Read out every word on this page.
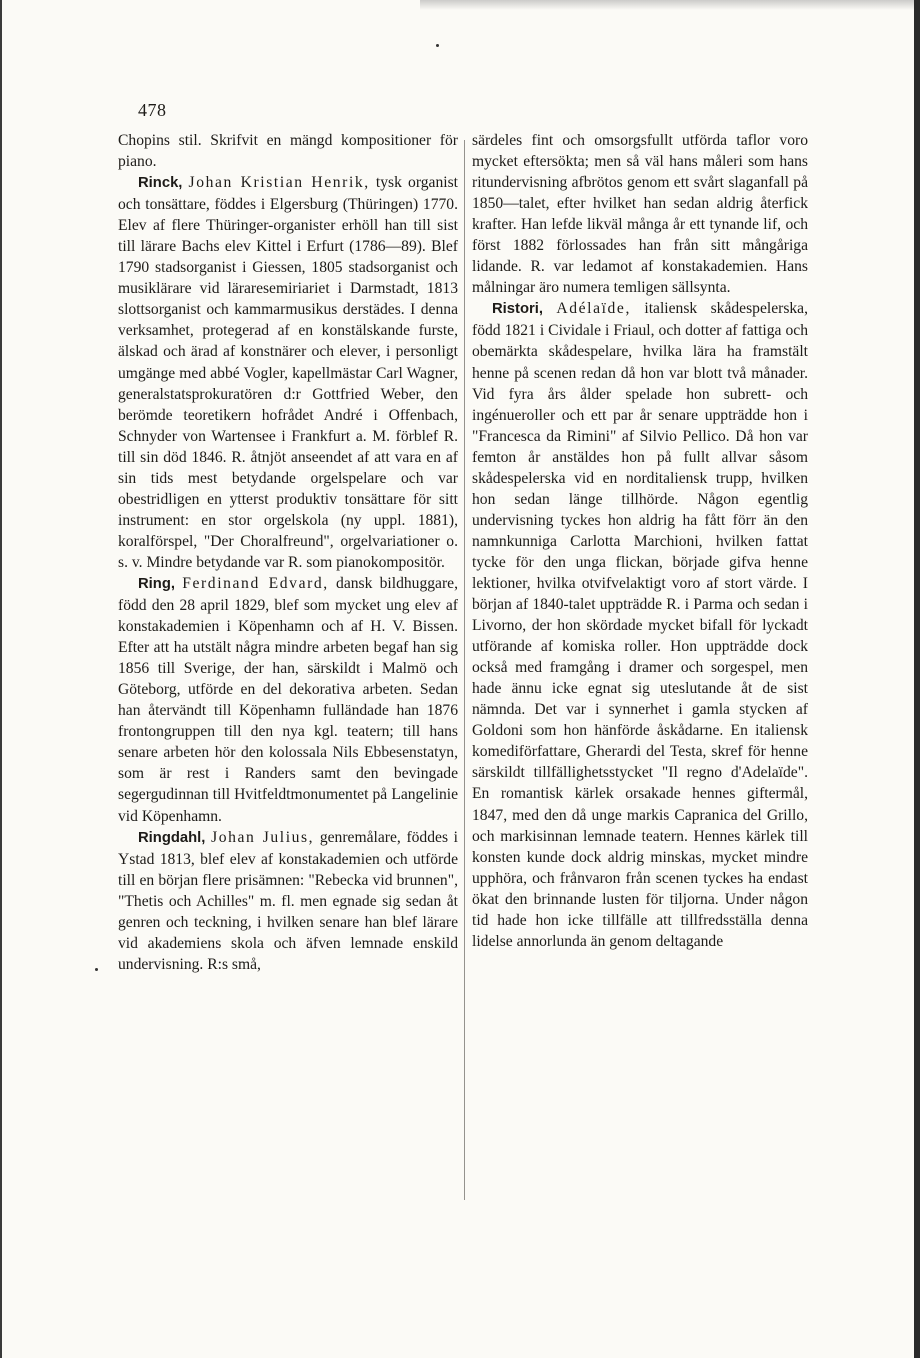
478

Chopins stil. Skrifvit en mängd kompositioner för piano.

Rinck, Johan Kristian Henrik, tysk organist och tonsättare, föddes i Elgersburg (Thüringen) 1770. Elev af flere Thüringer-organister erhöll han till sist till lärare Bachs elev Kittel i Erfurt (1786—89). Blef 1790 stadsorganist i Giessen, 1805 stadsorganist och musiklärare vid läraresemiriariet i Darmstadt, 1813 slottsorganist och kammarmusikus derstädes. I denna verksamhet, protegerad af en konstälskande furste, älskad och ärad af konstnärer och elever, i personligt umgänge med abbé Vogler, kapellmästar Carl Wagner, generalstatsprokuratören d:r Gottfried Weber, den berömde teoretikern hofrådet André i Offenbach, Schnyder von Wartensee i Frankfurt a. M. förblef R. till sin död 1846. R. åtnjöt anseendet af att vara en af sin tids mest betydande orgelspelare och var obestridligen en ytterst produktiv tonsättare för sitt instrument: en stor orgelskola (ny uppl. 1881), koralförspel, "Der Choralfreund", orgelvariationer o. s. v. Mindre betydande var R. som pianokompositör.

Ring, Ferdinand Edvard, dansk bildhuggare, född den 28 april 1829, blef som mycket ung elev af konstakademien i Köpenhamn och af H. V. Bissen. Efter att ha utstält några mindre arbeten begaf han sig 1856 till Sverige, der han, särskildt i Malmö och Göteborg, utförde en del dekorativa arbeten. Sedan han återvändt till Köpenhamn fulländade han 1876 frontongruppen till den nya kgl. teatern; till hans senare arbeten hör den kolossala Nils Ebbesenstatyn, som är rest i Randers samt den bevingade segergudinnan till Hvitfeldtmonumentet på Langelinie vid Köpenhamn.

Ringdahl, Johan Julius, genremålare, föddes i Ystad 1813, blef elev af konstakademien och utförde till en början flere prisämnen: "Rebecka vid brunnen", "Thetis och Achilles" m. fl. men egnade sig sedan åt genren och teckning, i hvilken senare han blef lärare vid akademiens skola och äfven lemnade enskild undervisning. R:s små,

särdeles fint och omsorgsfullt utförda taflor voro mycket eftersökta; men så väl hans måleri som hans ritundervisning afbrötos genom ett svårt slaganfall på 1850—talet, efter hvilket han sedan aldrig återfick krafter. Han lefde likväl många år ett tynande lif, och först 1882 förlossades han från sitt mångåriga lidande. R. var ledamot af konstakademien. Hans målningar äro numera temligen sällsynta.

Ristori, Adélaïde, italiensk skådespelerska, född 1821 i Cividale i Friaul, och dotter af fattiga och obemärkta skådespelare, hvilka lära ha framstält henne på scenen redan då hon var blott två månader. Vid fyra års ålder spelade hon subrett- och ingénueroller och ett par år senare uppträdde hon i "Francesca da Rimini" af Silvio Pellico. Då hon var femton år anstäldes hon på fullt allvar såsom skådespelerska vid en norditaliensk trupp, hvilken hon sedan länge tillhörde. Någon egentlig undervisning tyckes hon aldrig ha fått förr än den namnkunniga Carlotta Marchioni, hvilken fattat tycke för den unga flickan, började gifva henne lektioner, hvilka otvifvelaktigt voro af stort värde. I början af 1840-talet uppträdde R. i Parma och sedan i Livorno, der hon skördade mycket bifall för lyckadt utförande af komiska roller. Hon uppträdde dock också med framgång i dramer och sorgespel, men hade ännu icke egnat sig uteslutande åt de sist nämnda. Det var i synnerhet i gamla stycken af Goldoni som hon hänförde åskådarne. En italiensk komediförfattare, Gherardi del Testa, skref för henne särskildt tillfällighetsstycket "Il regno d'Adelaïde". En romantisk kärlek orsakade hennes giftermål, 1847, med den då unge markis Capranica del Grillo, och markisinnan lemnade teatern. Hennes kärlek till konsten kunde dock aldrig minskas, mycket mindre upphöra, och frånvaron från scenen tyckes ha endast ökat den brinnande lusten för tiljorna. Under någon tid hade hon icke tillfälle att tillfredsställa denna lidelse annorlunda än genom deltagande
